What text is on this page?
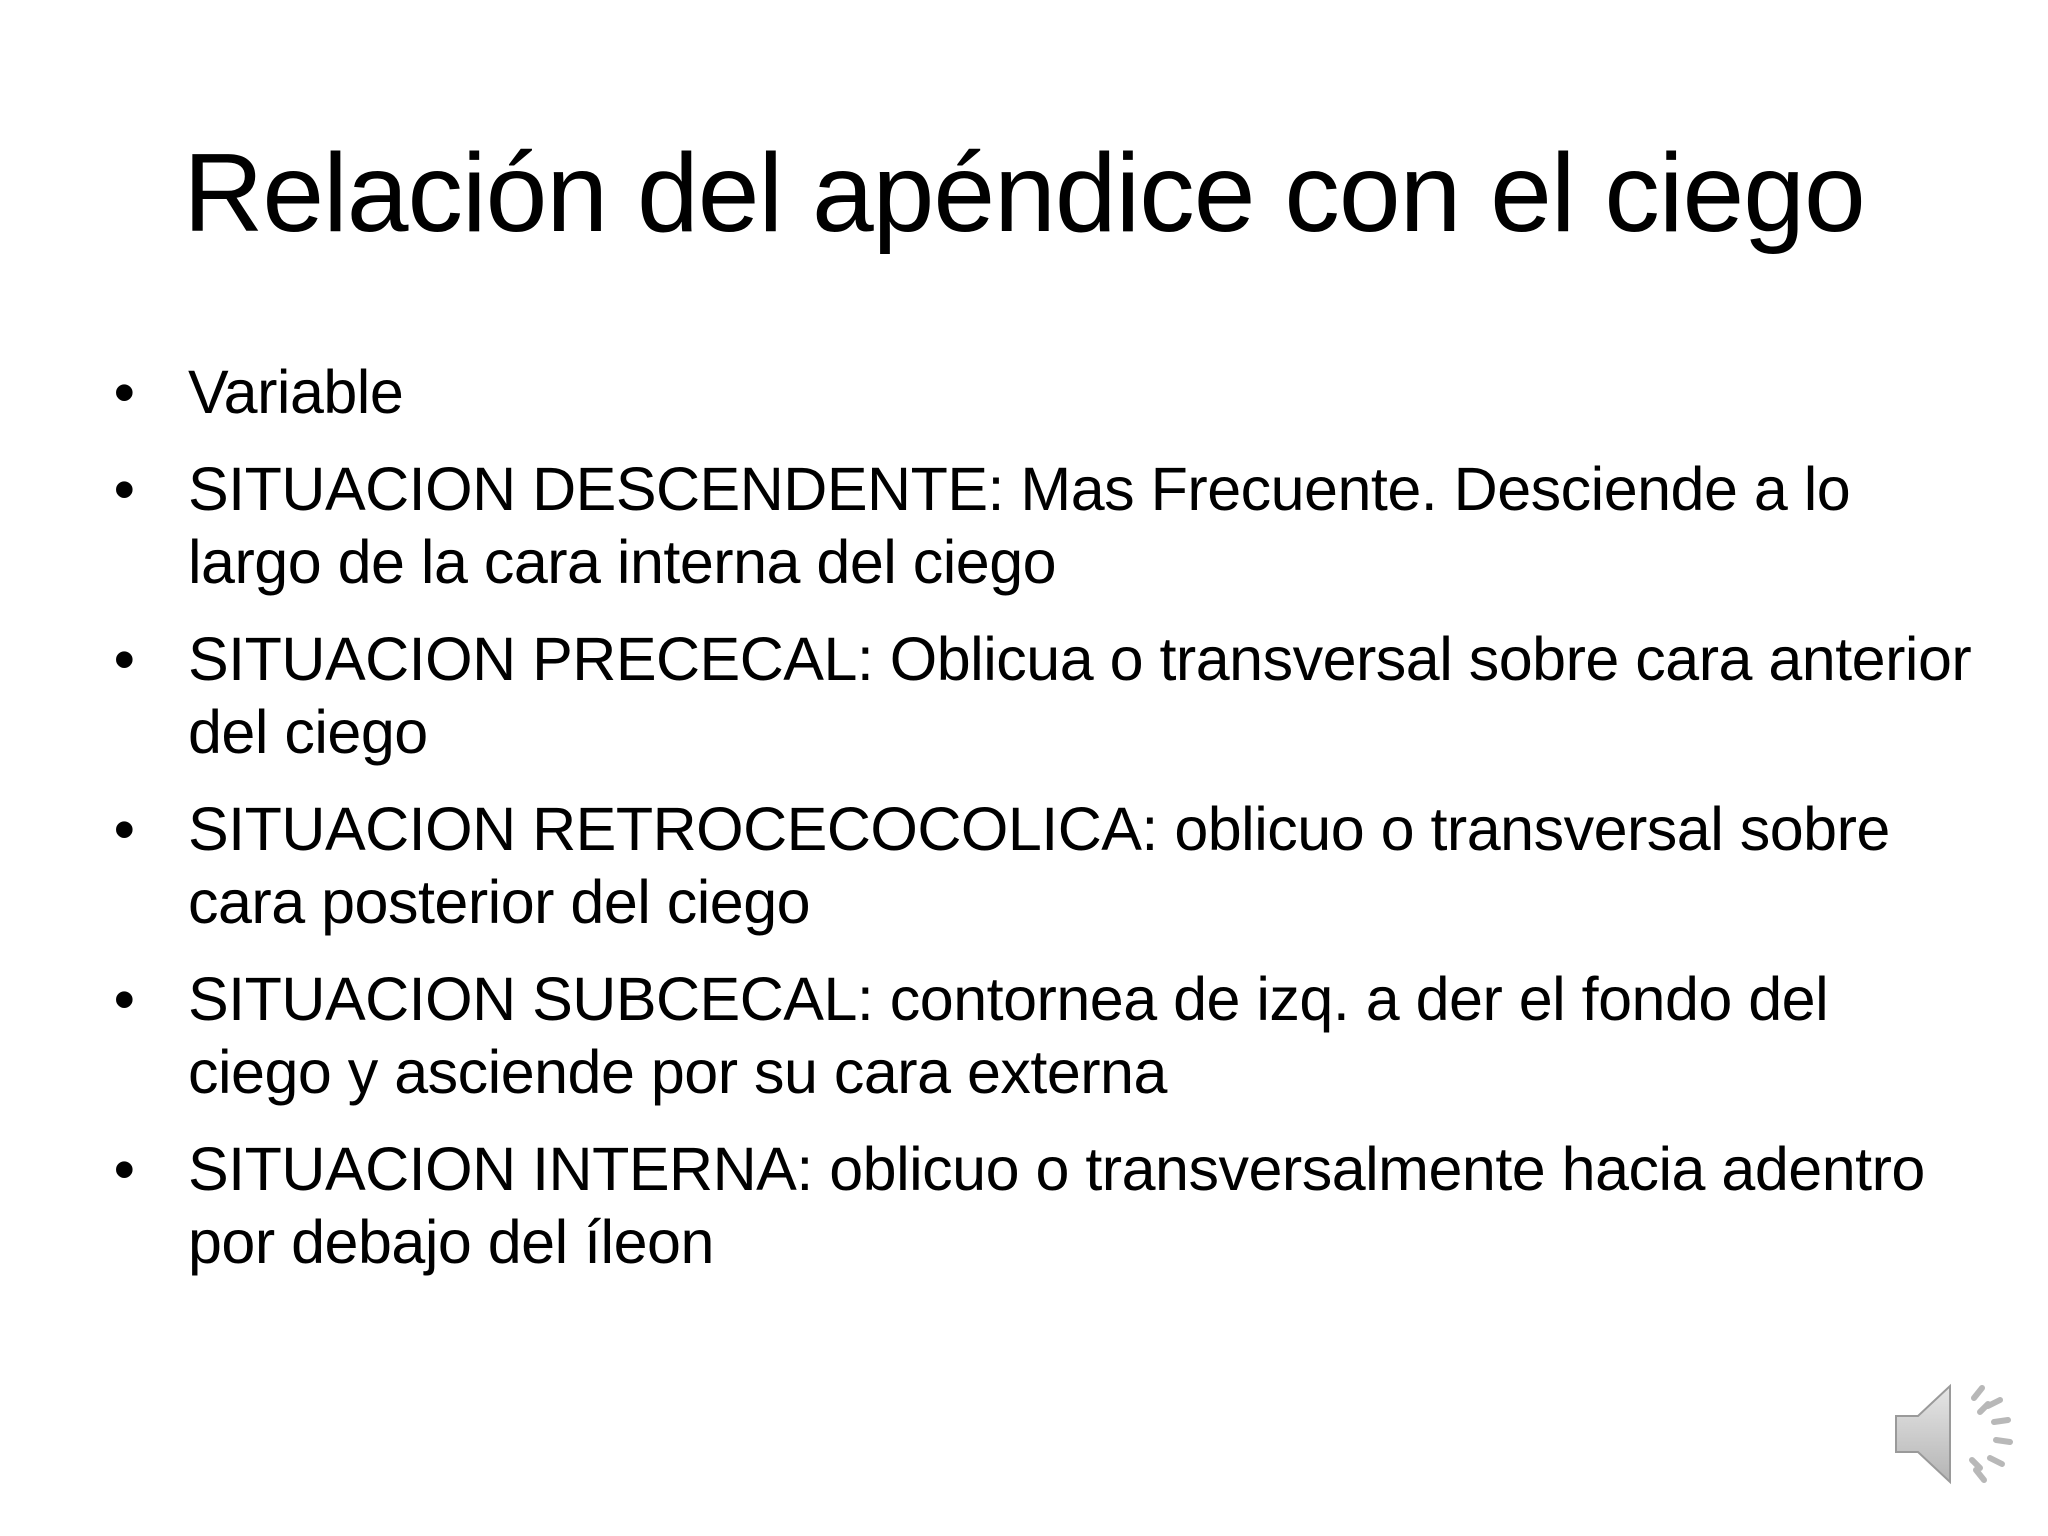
Relación del apéndice con el ciego
• Variable
• SITUACION DESCENDENTE: Mas Frecuente. Desciende a lo largo de la cara interna del ciego
• SITUACION PRECECAL: Oblicua o transversal sobre cara anterior del ciego
• SITUACION RETROCECOCOLICA: oblicuo o transversal sobre cara posterior del ciego
• SITUACION SUBCECAL: contornea de izq. a der el fondo del ciego y asciende por su cara externa
• SITUACION INTERNA: oblicuo o transversalmente hacia adentro por debajo del íleon
